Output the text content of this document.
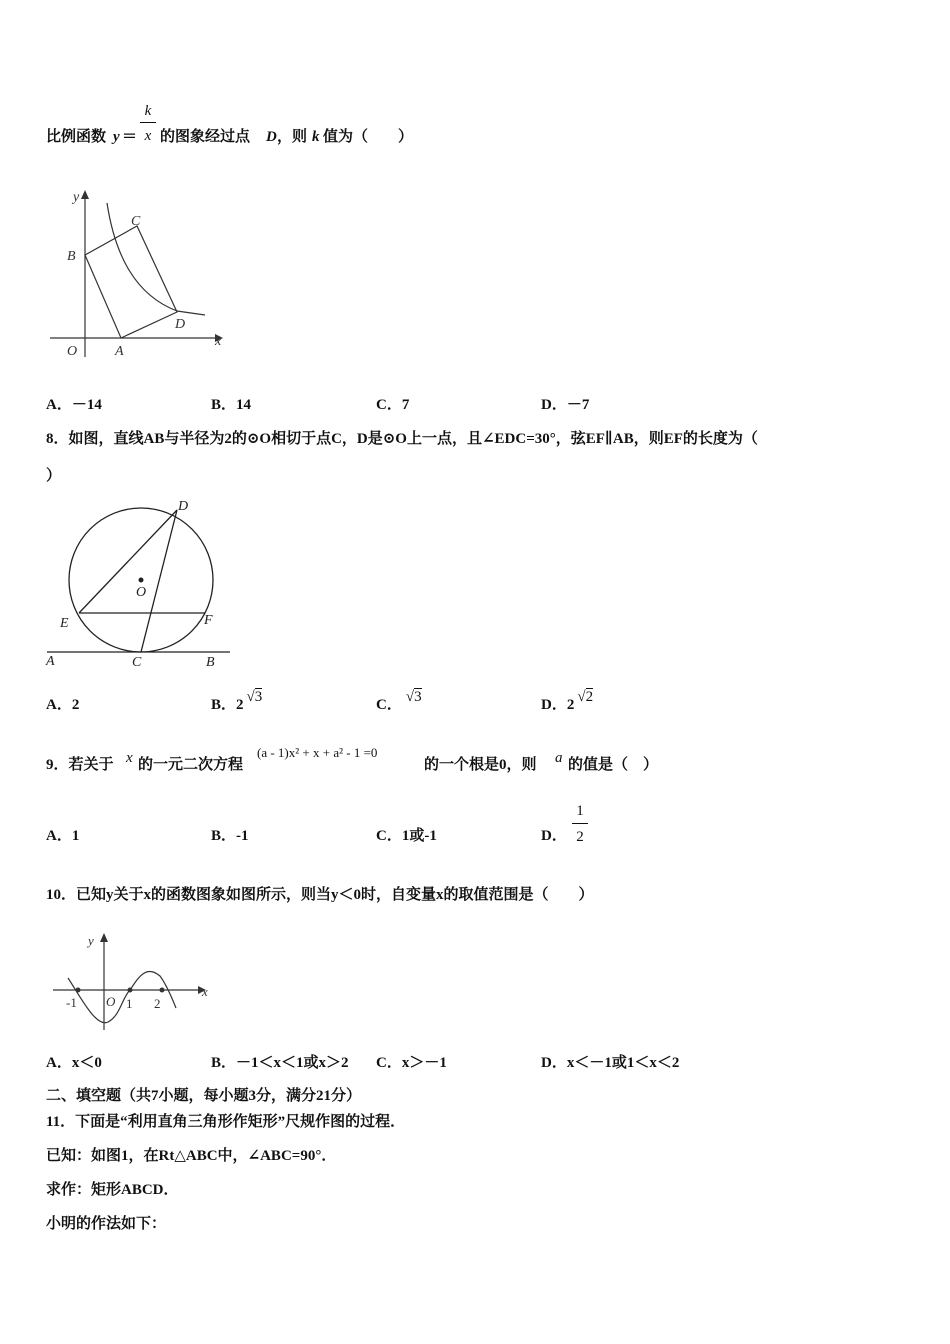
比例函数 y ＝
k
x 的图象经过点 D ，则 k 值为（　　）
y
x
O	A
B
C
D
A．－14	B．14	C．7	D．－7
8．如图，直线AB与半径为2的⊙O相切于点C，D是⊙O上一点，且∠EDC=30°，弦EF∥AB，则EF的长度为（
）
D
O
E	F
A	C	B
A．2	B．2 √3	C． √3	D．2 √2
9．若关于 x 的一元二次方程
(a - 1)x² + x + a² - 1 =0
的一个根是0，则 a 的值是（　）
A．1	B．-1	C．1或-1	D．
1
2
10．已知y关于x的函数图象如图所示，则当y＜0时，自变量x的取值范围是（　　）
y
x
O
-1	1 2
A．x＜0	B．－1＜x＜1或x＞2 C．x＞－1	D．x＜－1或1＜x＜2
二、填空题（共7小题，每小题3分，满分21分）
11．下面是“利用直角三角形作矩形”尺规作图的过程．
已知：如图1，在Rt△ABC中，∠ABC=90°．
求作：矩形ABCD．
小明的作法如下：
